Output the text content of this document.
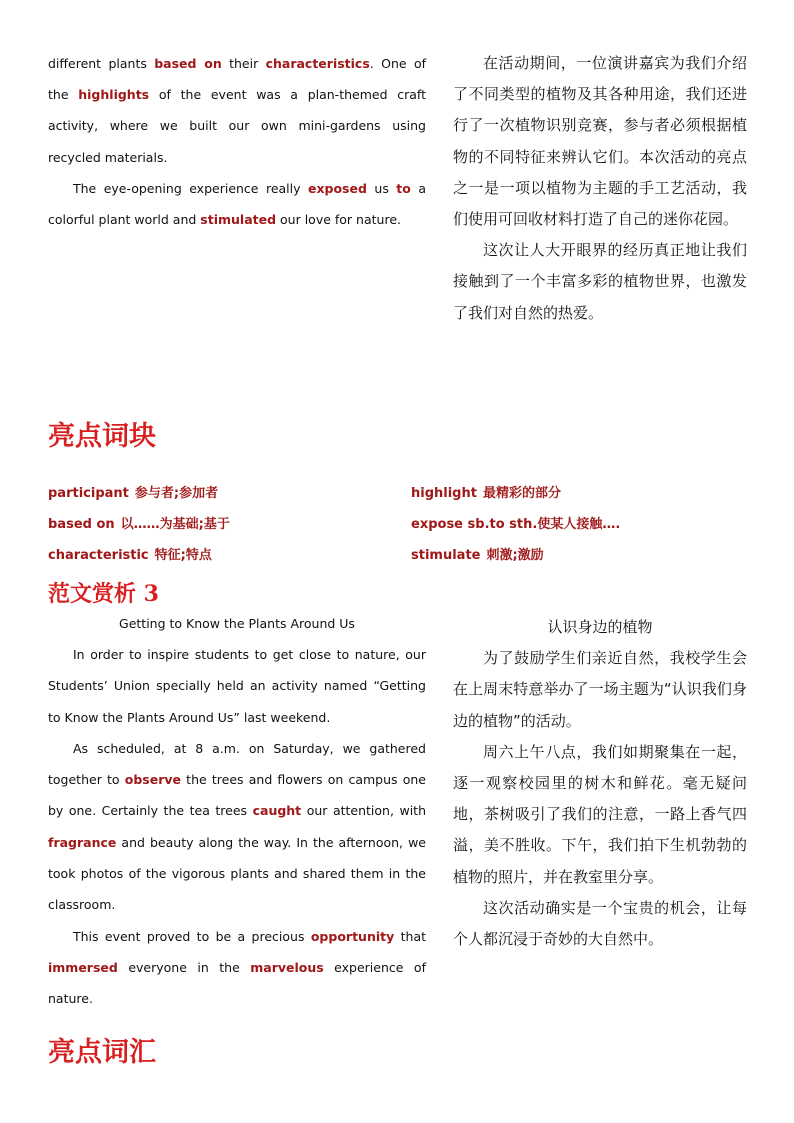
different plants based on their characteristics. One of the highlights of the event was a plan-themed craft activity, where we built our own mini-gardens using recycled materials.

The eye-opening experience really exposed us to a colorful plant world and stimulated our love for nature.

在活动期间，一位演讲嘉宾为我们介绍了不同类型的植物及其各种用途，我们还进行了一次植物识别竞赛，参与者必须根据植物的不同特征来辨认它们。本次活动的亮点之一是一项以植物为主题的手工艺活动，我们使用可回收材料打造了自己的迷你花园。

这次让人大开眼界的经历真正地让我们接触到了一个丰富多彩的植物世界，也激发了我们对自然的热爱。

亮点词块
participant 参与者;参加者	highlight 最精彩的部分
based on 以……为基础;基于	expose sb.to sth.使某人接触….
characteristic 特征;特点	stimulate 刺激;激励
范文赏析 3

Getting to Know the Plants Around Us

In order to inspire students to get close to nature, our Students’ Union specially held an activity named “Getting to Know the Plants Around Us” last weekend.

As scheduled, at 8 a.m. on Saturday, we gathered together to observe the trees and flowers on campus one by one. Certainly the tea trees caught our attention, with fragrance and beauty along the way. In the afternoon, we took photos of the vigorous plants and shared them in the classroom.

This event proved to be a precious opportunity that immersed everyone in the marvelous experience of nature.

认识身边的植物

为了鼓励学生们亲近自然，我校学生会在上周末特意举办了一场主题为“认识我们身边的植物”的活动。

周六上午八点，我们如期聚集在一起，逐一观察校园里的树木和鲜花。毫无疑问地，茶树吸引了我们的注意，一路上香气四溢，美不胜收。下午，我们拍下生机勃勃的植物的照片，并在教室里分享。

这次活动确实是一个宝贵的机会，让每个人都沉浸于奇妙的大自然中。

亮点词汇
